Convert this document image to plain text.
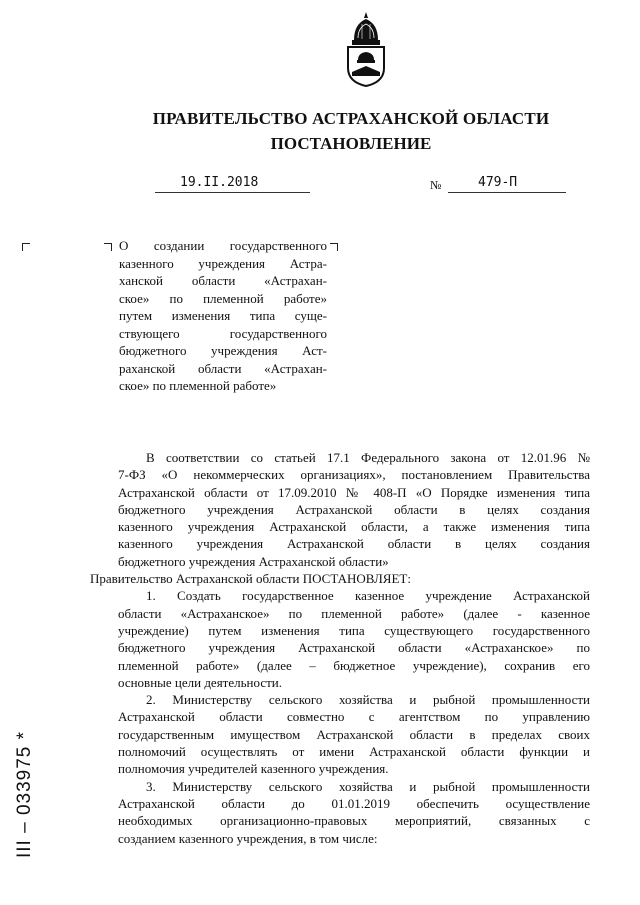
ПРАВИТЕЛЬСТВО АСТРАХАНСКОЙ ОБЛАСТИ
ПОСТАНОВЛЕНИЕ
19.II.2018	№	479-П
О создании государственного
казенного учреждения Астра-
ханской области «Астрахан-
ское» по племенной работе»
путем изменения типа суще-
ствующего государственного
бюджетного учреждения Аст-
раханской области «Астрахан-
ское» по племенной работе»
В соответствии со статьей 17.1 Федерального закона от 12.01.96 №
7-ФЗ «О некоммерческих организациях», постановлением Правительства
Астраханской области от 17.09.2010 № 408-П «О Порядке изменения типа
бюджетного учреждения Астраханской области в целях создания
казенного учреждения Астраханской области, а также изменения типа
казенного учреждения Астраханской области в целях создания
бюджетного учреждения Астраханской области»
Правительство Астраханской области ПОСТАНОВЛЯЕТ:
1. Создать государственное казенное учреждение Астраханской
области «Астраханское» по племенной работе» (далее - казенное
учреждение) путем изменения типа существующего государственного
бюджетного учреждения Астраханской области «Астраханское» по
племенной работе» (далее – бюджетное учреждение), сохранив его
основные цели деятельности.
2. Министерству сельского хозяйства и рыбной промышленности
Астраханской области совместно с агентством по управлению
государственным имуществом Астраханской области в пределах своих
полномочий осуществлять от имени Астраханской области функции и
полномочия учредителей казенного учреждения.
3. Министерству сельского хозяйства и рыбной промышленности
Астраханской области до 01.01.2019 обеспечить осуществление
необходимых организационно-правовых мероприятий, связанных с
созданием казенного учреждения, в том числе:
III – 033975 *
